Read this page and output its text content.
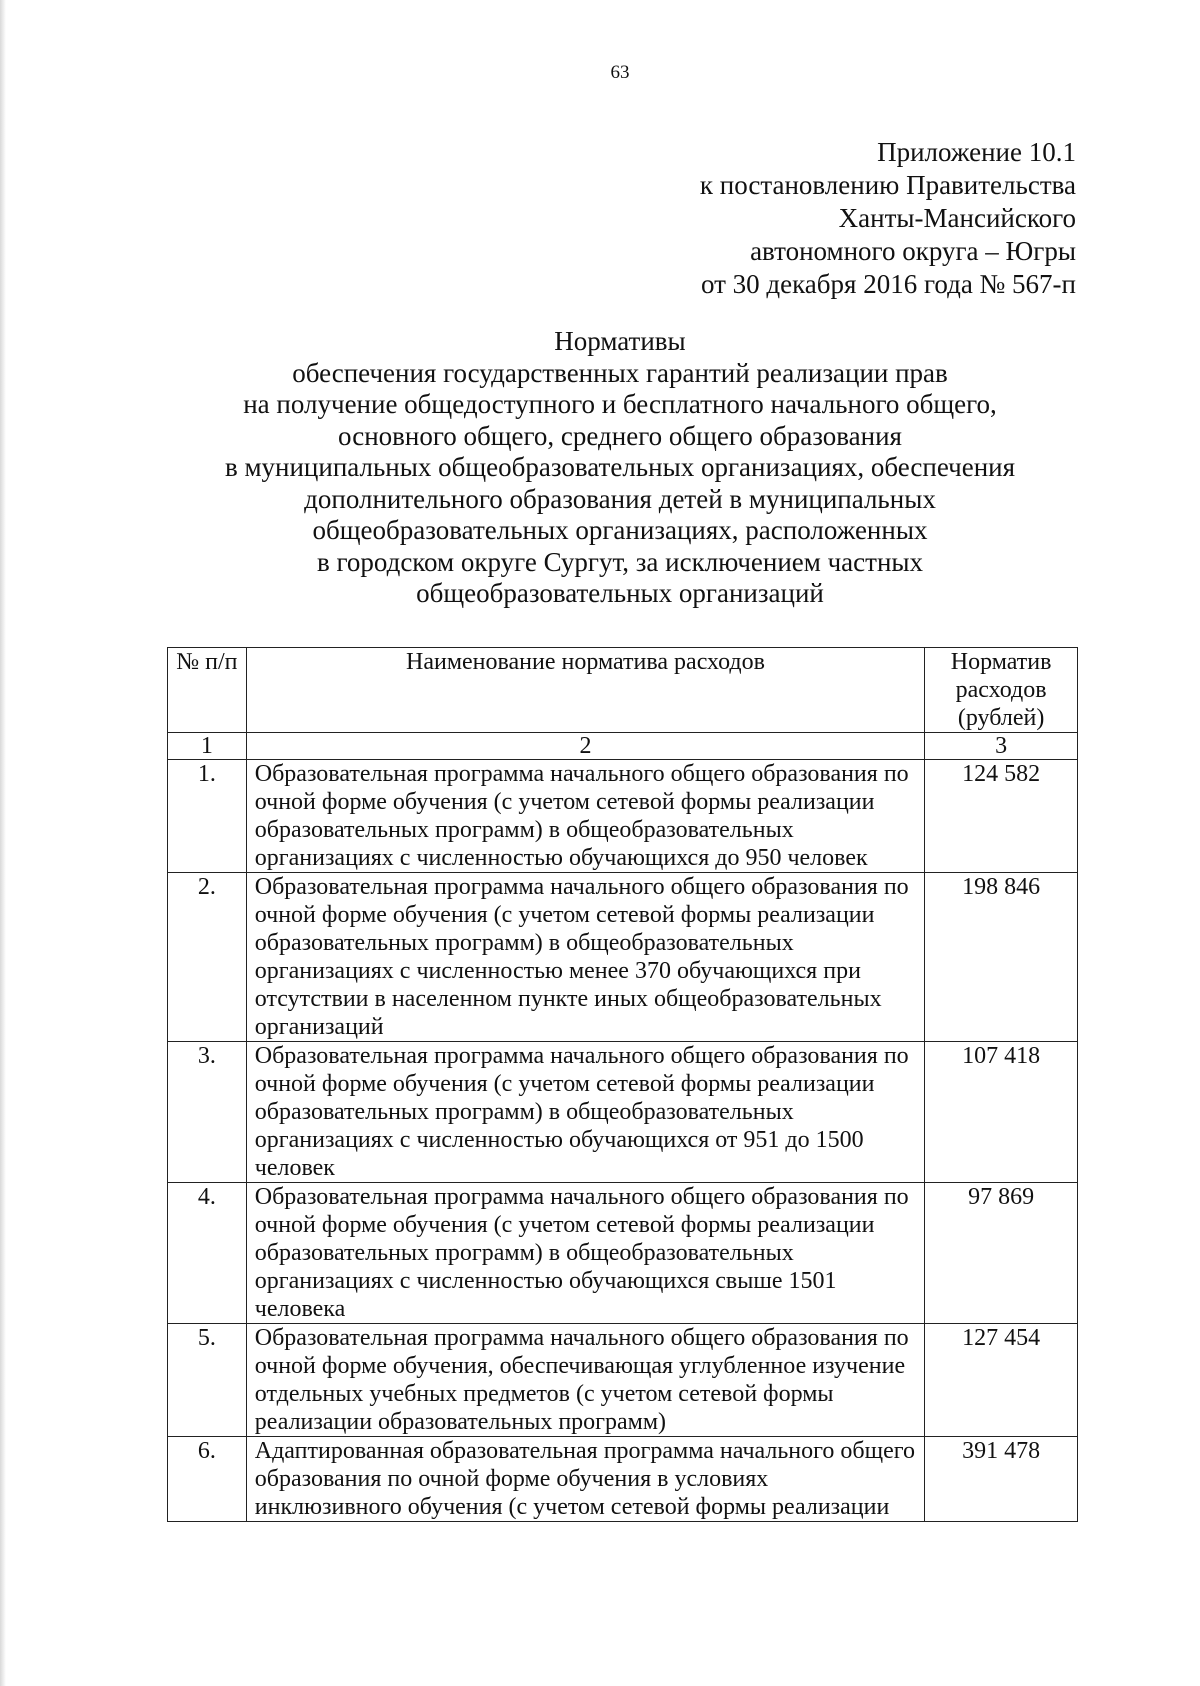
63
Приложение 10.1
к постановлению Правительства
Ханты-Мансийского
автономного округа – Югры
от 30 декабря 2016 года № 567-п
Нормативы
обеспечения государственных гарантий реализации прав
на получение общедоступного и бесплатного начального общего,
основного общего, среднего общего образования
в муниципальных общеобразовательных организациях, обеспечения
дополнительного образования детей в муниципальных
общеобразовательных организациях, расположенных
в городском округе Сургут, за исключением частных
общеобразовательных организаций
№ п/п	Наименование норматива расходов	Норматив расходов (рублей)
1	2	3
1.	Образовательная программа начального общего образования по очной форме обучения (с учетом сетевой формы реализации образовательных программ) в общеобразовательных организациях с численностью обучающихся до 950 человек	124 582
2.	Образовательная программа начального общего образования по очной форме обучения (с учетом сетевой формы реализации образовательных программ) в общеобразовательных организациях с численностью менее 370 обучающихся при отсутствии в населенном пункте иных общеобразовательных организаций	198 846
3.	Образовательная программа начального общего образования по очной форме обучения (с учетом сетевой формы реализации образовательных программ) в общеобразовательных организациях с численностью обучающихся от 951 до 1500 человек	107 418
4.	Образовательная программа начального общего образования по очной форме обучения (с учетом сетевой формы реализации образовательных программ) в общеобразовательных организациях с численностью обучающихся свыше 1501 человека	97 869
5.	Образовательная программа начального общего образования по очной форме обучения, обеспечивающая углубленное изучение отдельных учебных предметов (с учетом сетевой формы реализации образовательных программ)	127 454
6.	Адаптированная образовательная программа начального общего образования по очной форме обучения в условиях инклюзивного обучения (с учетом сетевой формы реализации	391 478
